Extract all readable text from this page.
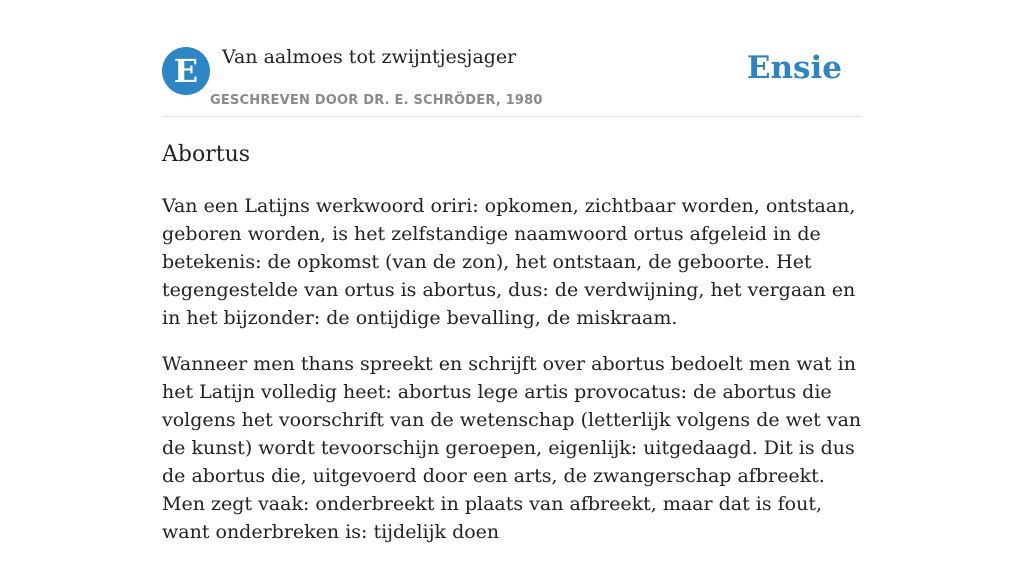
E	Van aalmoes tot zwijntjesjager
GESCHREVEN DOOR DR. E. SCHRÖDER, 1980
Ensie
Abortus

Van een Latijns werkwoord oriri: opkomen, zichtbaar worden, ontstaan, geboren worden, is het zelfstandige naamwoord ortus afgeleid in de betekenis: de opkomst (van de zon), het ontstaan, de geboorte. Het tegengestelde van ortus is abortus, dus: de verdwijning, het vergaan en in het bijzonder: de ontijdige bevalling, de miskraam.

Wanneer men thans spreekt en schrijft over abortus bedoelt men wat in het Latijn volledig heet: abortus lege artis provocatus: de abortus die volgens het voorschrift van de wetenschap (letterlijk volgens de wet van de kunst) wordt tevoorschijn geroepen, eigenlijk: uitgedaagd. Dit is dus de abortus die, uitgevoerd door een arts, de zwangerschap afbreekt. Men zegt vaak: onderbreekt in plaats van afbreekt, maar dat is fout, want onderbreken is: tijdelijk doen
